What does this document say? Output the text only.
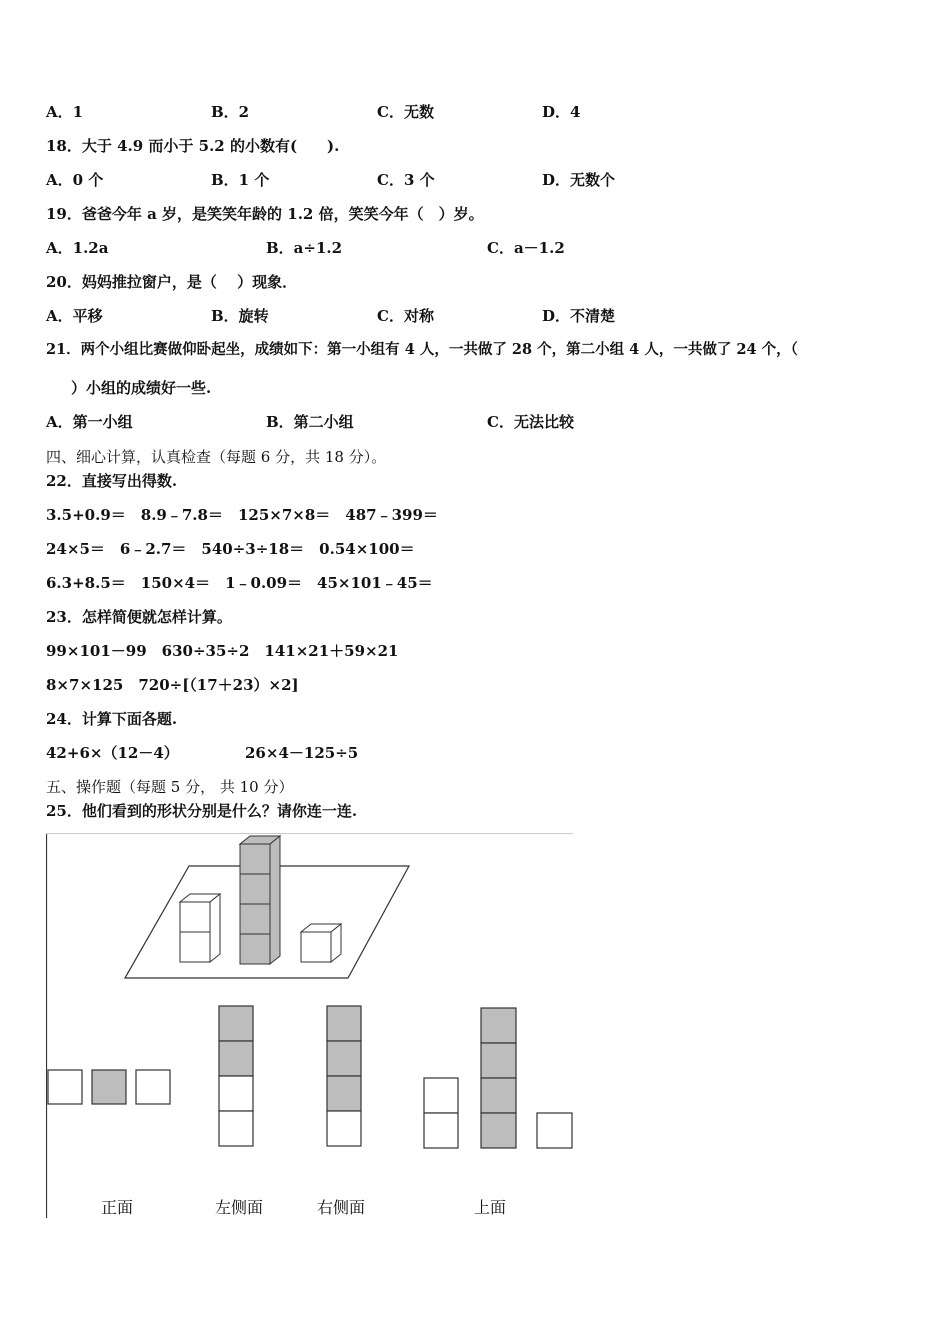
A．1	B．2	C．无数	D．4
18．大于 4.9 而小于 5.2 的小数有(　　).
A．0 个	B．1 个	C．3 个	D．无数个
19．爸爸今年 a 岁，是笑笑年龄的 1.2 倍，笑笑今年（　）岁。
A．1.2a	B．a÷1.2	C．a－1.2
20．妈妈推拉窗户，是（　 ）现象．
A．平移	B．旋转	C．对称	D．不清楚
21．两个小组比赛做仰卧起坐，成绩如下：第一小组有 4 人，一共做了 28 个，第二小组 4 人，一共做了 24 个，（
　）小组的成绩好一些.
A．第一小组	B．第二小组	C．无法比较
四、细心计算，认真检查（每题 6 分，共 18 分）。
22．直接写出得数.
3.5+0.9＝　8.9﹣7.8＝　125×7×8＝　487﹣399＝
24×5＝　6﹣2.7＝　540÷3÷18＝　0.54×100＝
6.3+8.5＝　150×4＝　1﹣0.09＝　45×101﹣45＝
23．怎样简便就怎样计算。
99×101－99　630÷35÷2　141×21＋59×21
8×7×125　720÷[（17＋23）×2]
24．计算下面各题.
42+6×（12－4）	26×4－125÷5
五、操作题（每题 5 分， 共 10 分）
25．他们看到的形状分别是什么？请你连一连.
正面	左侧面	右侧面	上面
